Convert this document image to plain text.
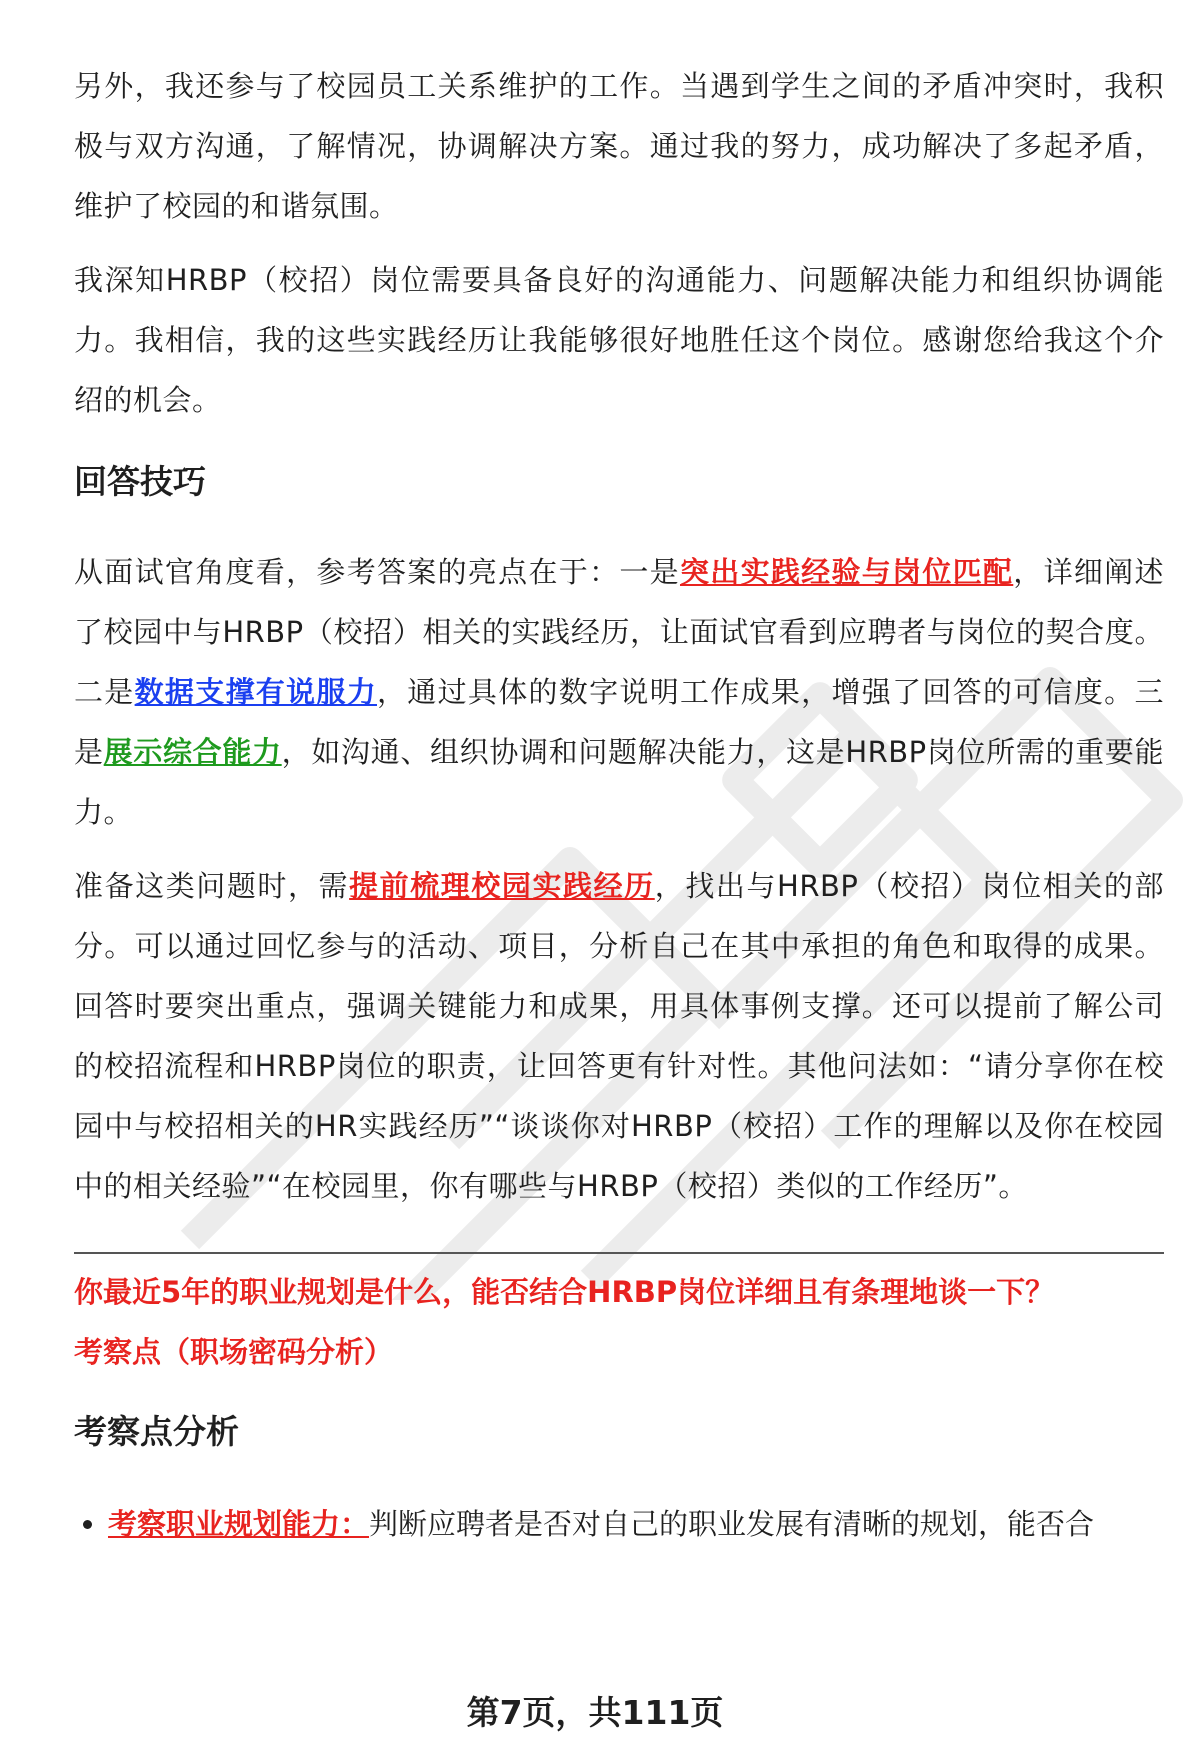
另外，我还参与了校园员工关系维护的工作。当遇到学生之间的矛盾冲突时，我积极与双方沟通，了解情况，协调解决方案。通过我的努力，成功解决了多起矛盾，维护了校园的和谐氛围。

我深知HRBP（校招）岗位需要具备良好的沟通能力、问题解决能力和组织协调能力。我相信，我的这些实践经历让我能够很好地胜任这个岗位。感谢您给我这个介绍的机会。

回答技巧

从面试官角度看，参考答案的亮点在于：一是突出实践经验与岗位匹配，详细阐述了校园中与HRBP（校招）相关的实践经历，让面试官看到应聘者与岗位的契合度。二是数据支撑有说服力，通过具体的数字说明工作成果，增强了回答的可信度。三是展示综合能力，如沟通、组织协调和问题解决能力，这是HRBP岗位所需的重要能力。

准备这类问题时，需提前梳理校园实践经历，找出与HRBP（校招）岗位相关的部分。可以通过回忆参与的活动、项目，分析自己在其中承担的角色和取得的成果。回答时要突出重点，强调关键能力和成果，用具体事例支撑。还可以提前了解公司的校招流程和HRBP岗位的职责，让回答更有针对性。其他问法如：“请分享你在校园中与校招相关的HR实践经历”“谈谈你对HRBP（校招）工作的理解以及你在校园中的相关经验”“在校园里，你有哪些与HRBP（校招）类似的工作经历”。

你最近5年的职业规划是什么，能否结合HRBP岗位详细且有条理地谈一下？

考察点（职场密码分析）

考察点分析
• 考察职业规划能力：判断应聘者是否对自己的职业发展有清晰的规划，能否合
第7页，共111页
